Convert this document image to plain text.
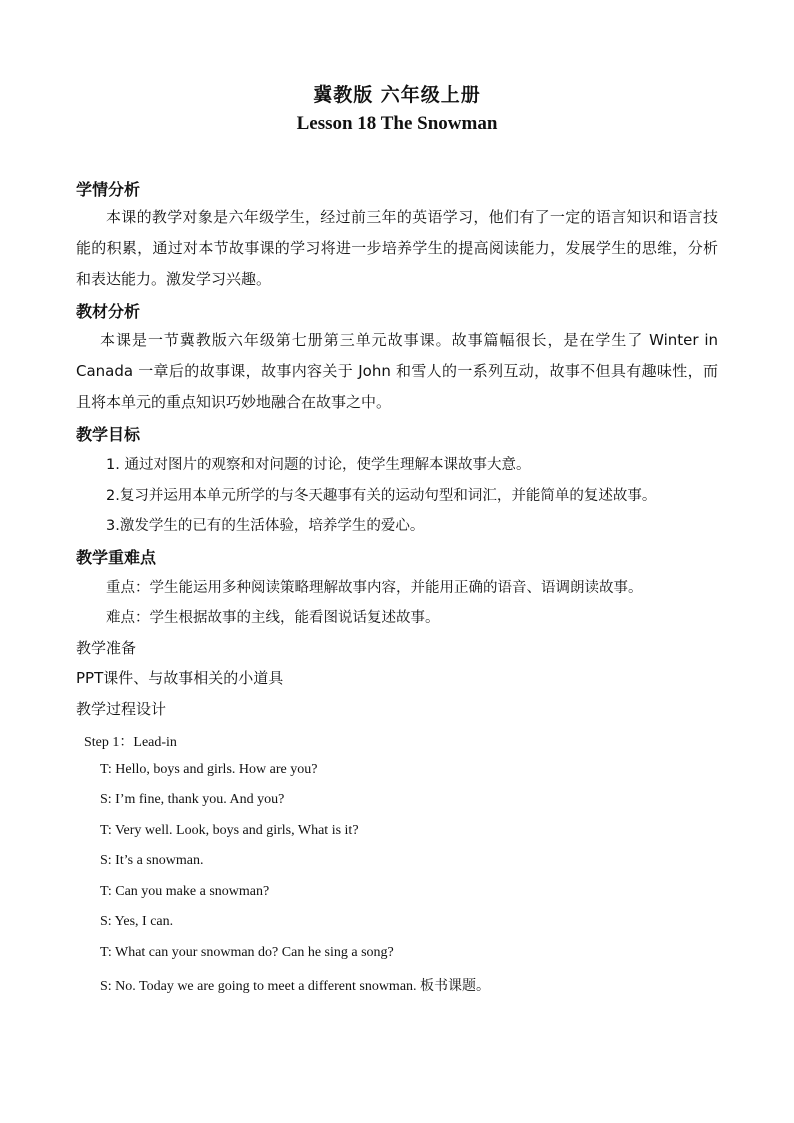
冀教版 六年级上册
Lesson 18 The Snowman
学情分析
本课的教学对象是六年级学生，经过前三年的英语学习，他们有了一定的语言知识和语言技能的积累，通过对本节故事课的学习将进一步培养学生的提高阅读能力，发展学生的思维，分析和表达能力。激发学习兴趣。
教材分析
本课是一节冀教版六年级第七册第三单元故事课。故事篇幅很长，是在学生了 Winter in Canada 一章后的故事课，故事内容关于 John 和雪人的一系列互动，故事不但具有趣味性，而且将本单元的重点知识巧妙地融合在故事之中。
教学目标
1. 通过对图片的观察和对问题的讨论，使学生理解本课故事大意。
2.复习并运用本单元所学的与冬天趣事有关的运动句型和词汇，并能简单的复述故事。
3.激发学生的已有的生活体验，培养学生的爱心。
教学重难点
重点：学生能运用多种阅读策略理解故事内容，并能用正确的语音、语调朗读故事。
难点：学生根据故事的主线，能看图说话复述故事。
教学准备
PPT课件、与故事相关的小道具
教学过程设计
Step 1：Lead-in
T: Hello, boys and girls. How are you?
S: I’m fine, thank you. And you?
T: Very well. Look, boys and girls, What is it?
S: It’s a snowman.
T: Can you make a snowman?
S: Yes, I can.
T: What can your snowman do? Can he sing a song?
S: No. Today we are going to meet a different snowman. 板书课题。
